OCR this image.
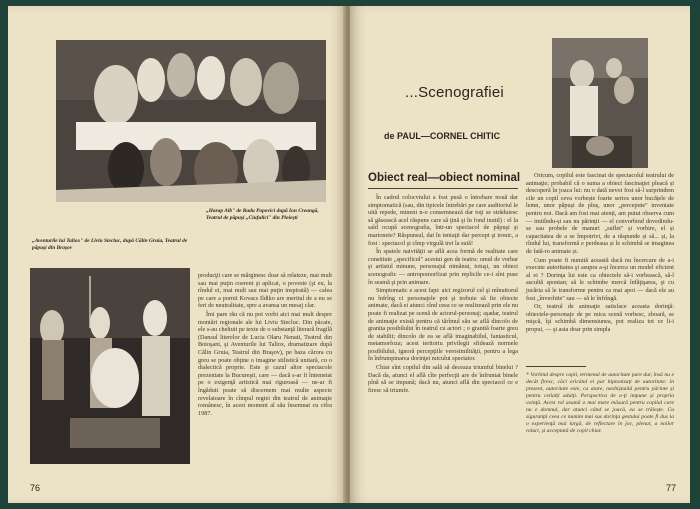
„Harap Alb" de Radu Popovici după Ion Creangă, Teatrul de păpuşi „Ciufulici" din Ploieşti
„Aventurile lui Taliox" de Liviu Stecluc, după Călin Gruia, Teatrul de păpuşi din Braşov

producţii care se mărginesc doar să relateze, mai mult sau mai puţin coerent şi aplicat, o poveste (şi eu, la rîndul ei, mai mult sau mai puţin inspirată) — calea pe care a pornit Kovacs Ildiko are meritul de a nu se feri de neutralitate, spre a avansa un mesaj clar.

Îmi pare rău că nu pot vorbi aici mai mult despre montări regionale ale lui Liviu Stecluc. Din păcate, ele s-au cheltuit pe texte de o substanţă literară fragilă (Dansul literelor de Lucia Olaru Nenati, Teatrul din Botoşani, şi Aventurile lui Taliox, dramatizare după Călin Gruia, Teatrul din Braşov), pe baza cărora cu greu se poate obţine o imagine stilistică unitară, cu o dialectică proprie. Este şi cazul altor spectacole prezentate la Bucureşti, care — dacă s-ar fi întemeiat pe o exigenţă artistică mai riguroasă — ne-ar fi îngăduit poate să discernem mai multe aspecte revelatoare în cîmpul regiei din teatrul de animaţie românesc, în acest moment al său însemnat cu cifra 1987.

76
...Scenografiei
de PAUL—CORNEL CHITIC
Obiect real—obiect nominal

În cadrul colocviului a fost pusă o întrebare nouă dar simptomatică (sau, din tipicele întrebări pe care auditoriul le uită repede, mineni n-o consemnează dar toţi se străduiesc să găsească acel răspuns care să ţină şi în fond inutil) : el la sald ocupă scenografia, într-un spectacol de păpuşi şi marionete? Răspunsul, dat în tentaţii dar percept şi ironic, a fost : spectacol şi cîmp virgulă trei la sută!

În spatele naivităţii se află acea formă de realitate care constituie „specificul" acestui gen de teatru: omul de vorbar şi artistul minune, personajul nimănui, totuşi, un obiect scenografic — antropomorfizat prin replicile ce-i sînt puse în seamă şi prin animare.

Simptomatic e acest fapt: aici regizorul cel şi mînuitorul nu înfrîng ci personajele pot şi trebuie să fie obiecte animate, dacă ei atunci cînd ceea ce se realizează prin ele nu poate fi realizat pe scenă de actorul-personaj; aşadar, teatrul de animaţie există pentru că tărîmul său se află dincolo de granita posibilului în teatrul cu actori ; o granită foarte greu de stabilit; dincolo de ea se află imaginabilul, fantasticul, metamorfoza; acest teritoriu privilegii sfidează normele posibilului, ignoră percepţiile verosimilităţii, pentru a lega în înfrumpinarea dorinţei micului spectator.

Chiar sînt copilul din sală să deceaza triumful binelui ? Dacă da, atunci el află cîte perfecţii are de înfruntat binele pînă să se impună; dacă nu, atunci află din spectacol ce e firesc să triumfe.

Oricum, copilul este fascinat de spectacolul teatrului de animaţie; probabil că o suma a obiect fascinaţiei pleacă și descoperă în joaca lui: nu o dată nevoi fost să-l surprindem cile un copil ceva vorbește foarte serios unor bucățele de lemn, unor păpuși de pluș, unor „percepute" inventate pentru noi. Dacă am fost mai atenți, am putut observa cum — imitîndu-și sau nu părinții — el convorbind dovedindu-se sau probele de manuri „suflet" și vorbire, el și capacitatea de a se împotrivi, de a răspunde și să... și, la rîndul lui, transformă e perdeaua și le schimbă se imaginea de fată-ro animate și.

Cum poate fi numită această dacă nu încercare de a-i execute autoritatea şi asupra a-şi încerca un model eficient al ei ? Dorinţa lui este ca obiectele să-i vorbească, să-l ascultă spontan; să le schimbe mercă înfăţişarea, şi cu jucăria să le transforme pentru ca mai apoi — dacă ele au fost „învechite" sau — să le înfrîngă.

Or, teatrul de animaţie satisface aceasta dorinţă: obiectele-personaje de pe mica scenă vorbesc, zboară, se mişcă, îşi schimbă dimensiunea, pot realiza tot ce li-i propui, — şi asta doar prin simpla

* Vorbind despre copii, termenul de autoritate pare dur, însă nu e decât firesc, căci oricând ei par hipnotizați de autoritate: în prezent, autoritate este, ca atare, neobișnuită pentru părinte și pentru ceilalți adulți. Perspectiva de a-ţi impune și propria voinţă. Acest rol asumă o mai mare măsură pentru copilul care nu e domnul, dar atunci când se joacă, ea se trăiește. Cu siguranţă ceea ce numim mai sus dorinţa gestului poate fi dus la o experienţă mai largă, de reflectare în joc, plenar, a noilor roluri, și acceptată de copil chiar.
77
